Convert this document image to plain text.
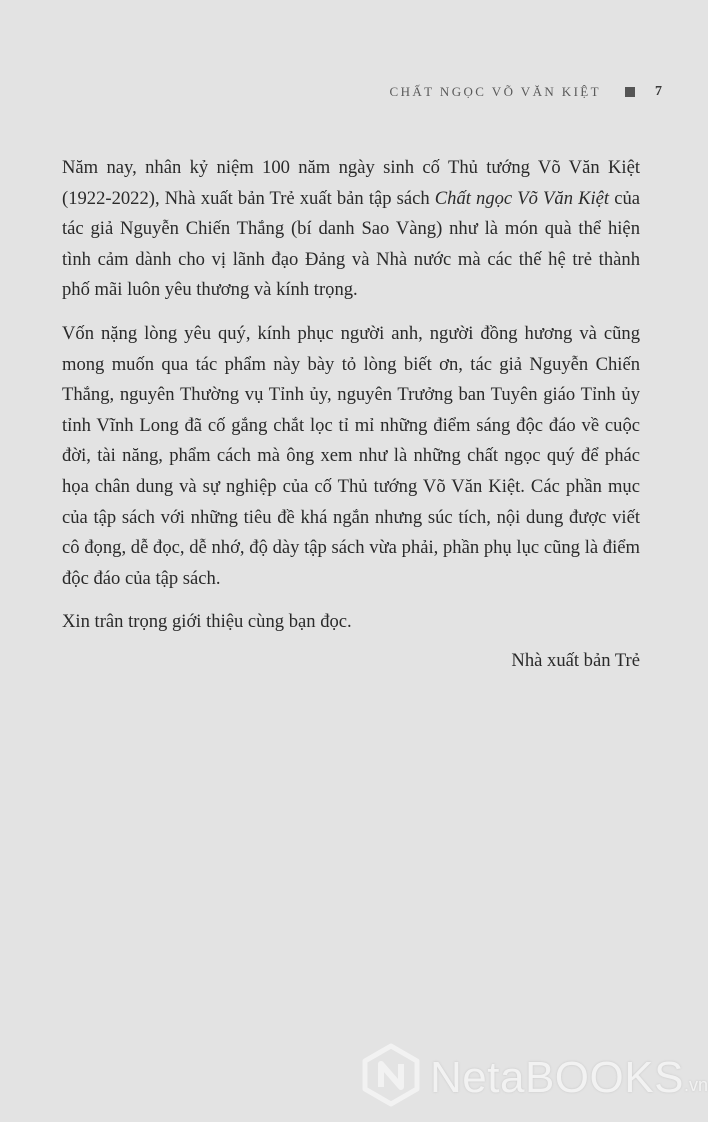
CHẤT NGỌC VÕ VĂN KIỆT	7

Năm nay, nhân kỷ niệm 100 năm ngày sinh cố Thủ tướng Võ Văn Kiệt (1922-2022), Nhà xuất bản Trẻ xuất bản tập sách Chất ngọc Võ Văn Kiệt của tác giả Nguyễn Chiến Thắng (bí danh Sao Vàng) như là món quà thể hiện tình cảm dành cho vị lãnh đạo Đảng và Nhà nước mà các thế hệ trẻ thành phố mãi luôn yêu thương và kính trọng.

Vốn nặng lòng yêu quý, kính phục người anh, người đồng hương và cũng mong muốn qua tác phẩm này bày tỏ lòng biết ơn, tác giả Nguyễn Chiến Thắng, nguyên Thường vụ Tỉnh ủy, nguyên Trưởng ban Tuyên giáo Tỉnh ủy tỉnh Vĩnh Long đã cố gắng chắt lọc tỉ mỉ những điểm sáng độc đáo về cuộc đời, tài năng, phẩm cách mà ông xem như là những chất ngọc quý để phác họa chân dung và sự nghiệp của cố Thủ tướng Võ Văn Kiệt. Các phần mục của tập sách với những tiêu đề khá ngắn nhưng súc tích, nội dung được viết cô đọng, dễ đọc, dễ nhớ, độ dày tập sách vừa phải, phần phụ lục cũng là điểm độc đáo của tập sách.

Xin trân trọng giới thiệu cùng bạn đọc.

Nhà xuất bản Trẻ

NetaBOOKS .vn
